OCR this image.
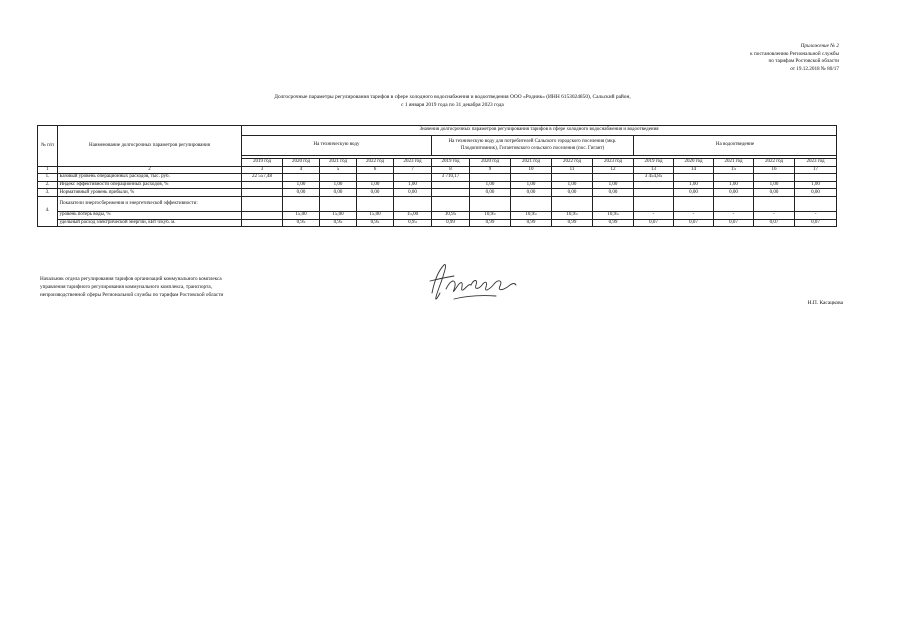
Приложение № 2
к постановлению Региональной службы
по тарифам Ростовской области
от 19.12.2018 № 80/17
Долгосрочные параметры регулирования тарифов в сфере холодного водоснабжения и водоотведения ООО «Родник» (ИНН 6153024850), Сальский район,
с 1 января 2019 года по 31 декабря 2023 года
№ п/п	Наименование долгосрочных параметров регулирования	Значения долгосрочных параметров регулирования тарифов в сфере холодного водоснабжения и водоотведения														
		На техническую воду					На техническую воду для потребителей Сальского городского поселения (мкр. Плодопитомник), Гигантовского сельского поселения (пос. Гигант)					На водоотведение				

		2019 год	2020 год	2021 год	2022 год	2023 год	2019 год	2020 год	2021 год	2022 год	2023 год	2019 год	2020 год	2021 год	2022 год	2023 год
1	2	3	4	5	6	7	8	9	10	11	12	13	14	15	16	17
1.	Базовый уровень операционных расходов, тыс. руб.	22 557,48					3 710,17					3 454,85				
2.	Индекс эффективности операционных расходов, %		1,00	1,00	1,00	1,00		1,00	1,00	1,00	1,00		1,00	1,00	1,00	1,00
3.	Нормативный уровень прибыли, %		0,00	0,00	0,00	0,00		0,00	0,00	0,00	0,00		0,00	0,00	0,00	0,00
4.	Показатели энергосбережения и энергетической эффективности:															
	уровень потерь воды, %		15,00	15,00	15,00	15,00	10,95	10,95	10,95	10,95	10,95	-	-	-	-	-
	удельный расход электрической энергии, кВт ч/куб. м.		0,95	0,95	0,95	0,95	0,99	0,99	0,99	0,99	0,99	0,07	0,07	0,07	0,07	0,07
Начальник отдела регулирования тарифов организаций коммунального комплекса
управления тарифного регулирования коммунального комплекса, транспорта,
непроизводственной сферы Региональной службы по тарифам Ростовской области
Н.П. Касацкова
